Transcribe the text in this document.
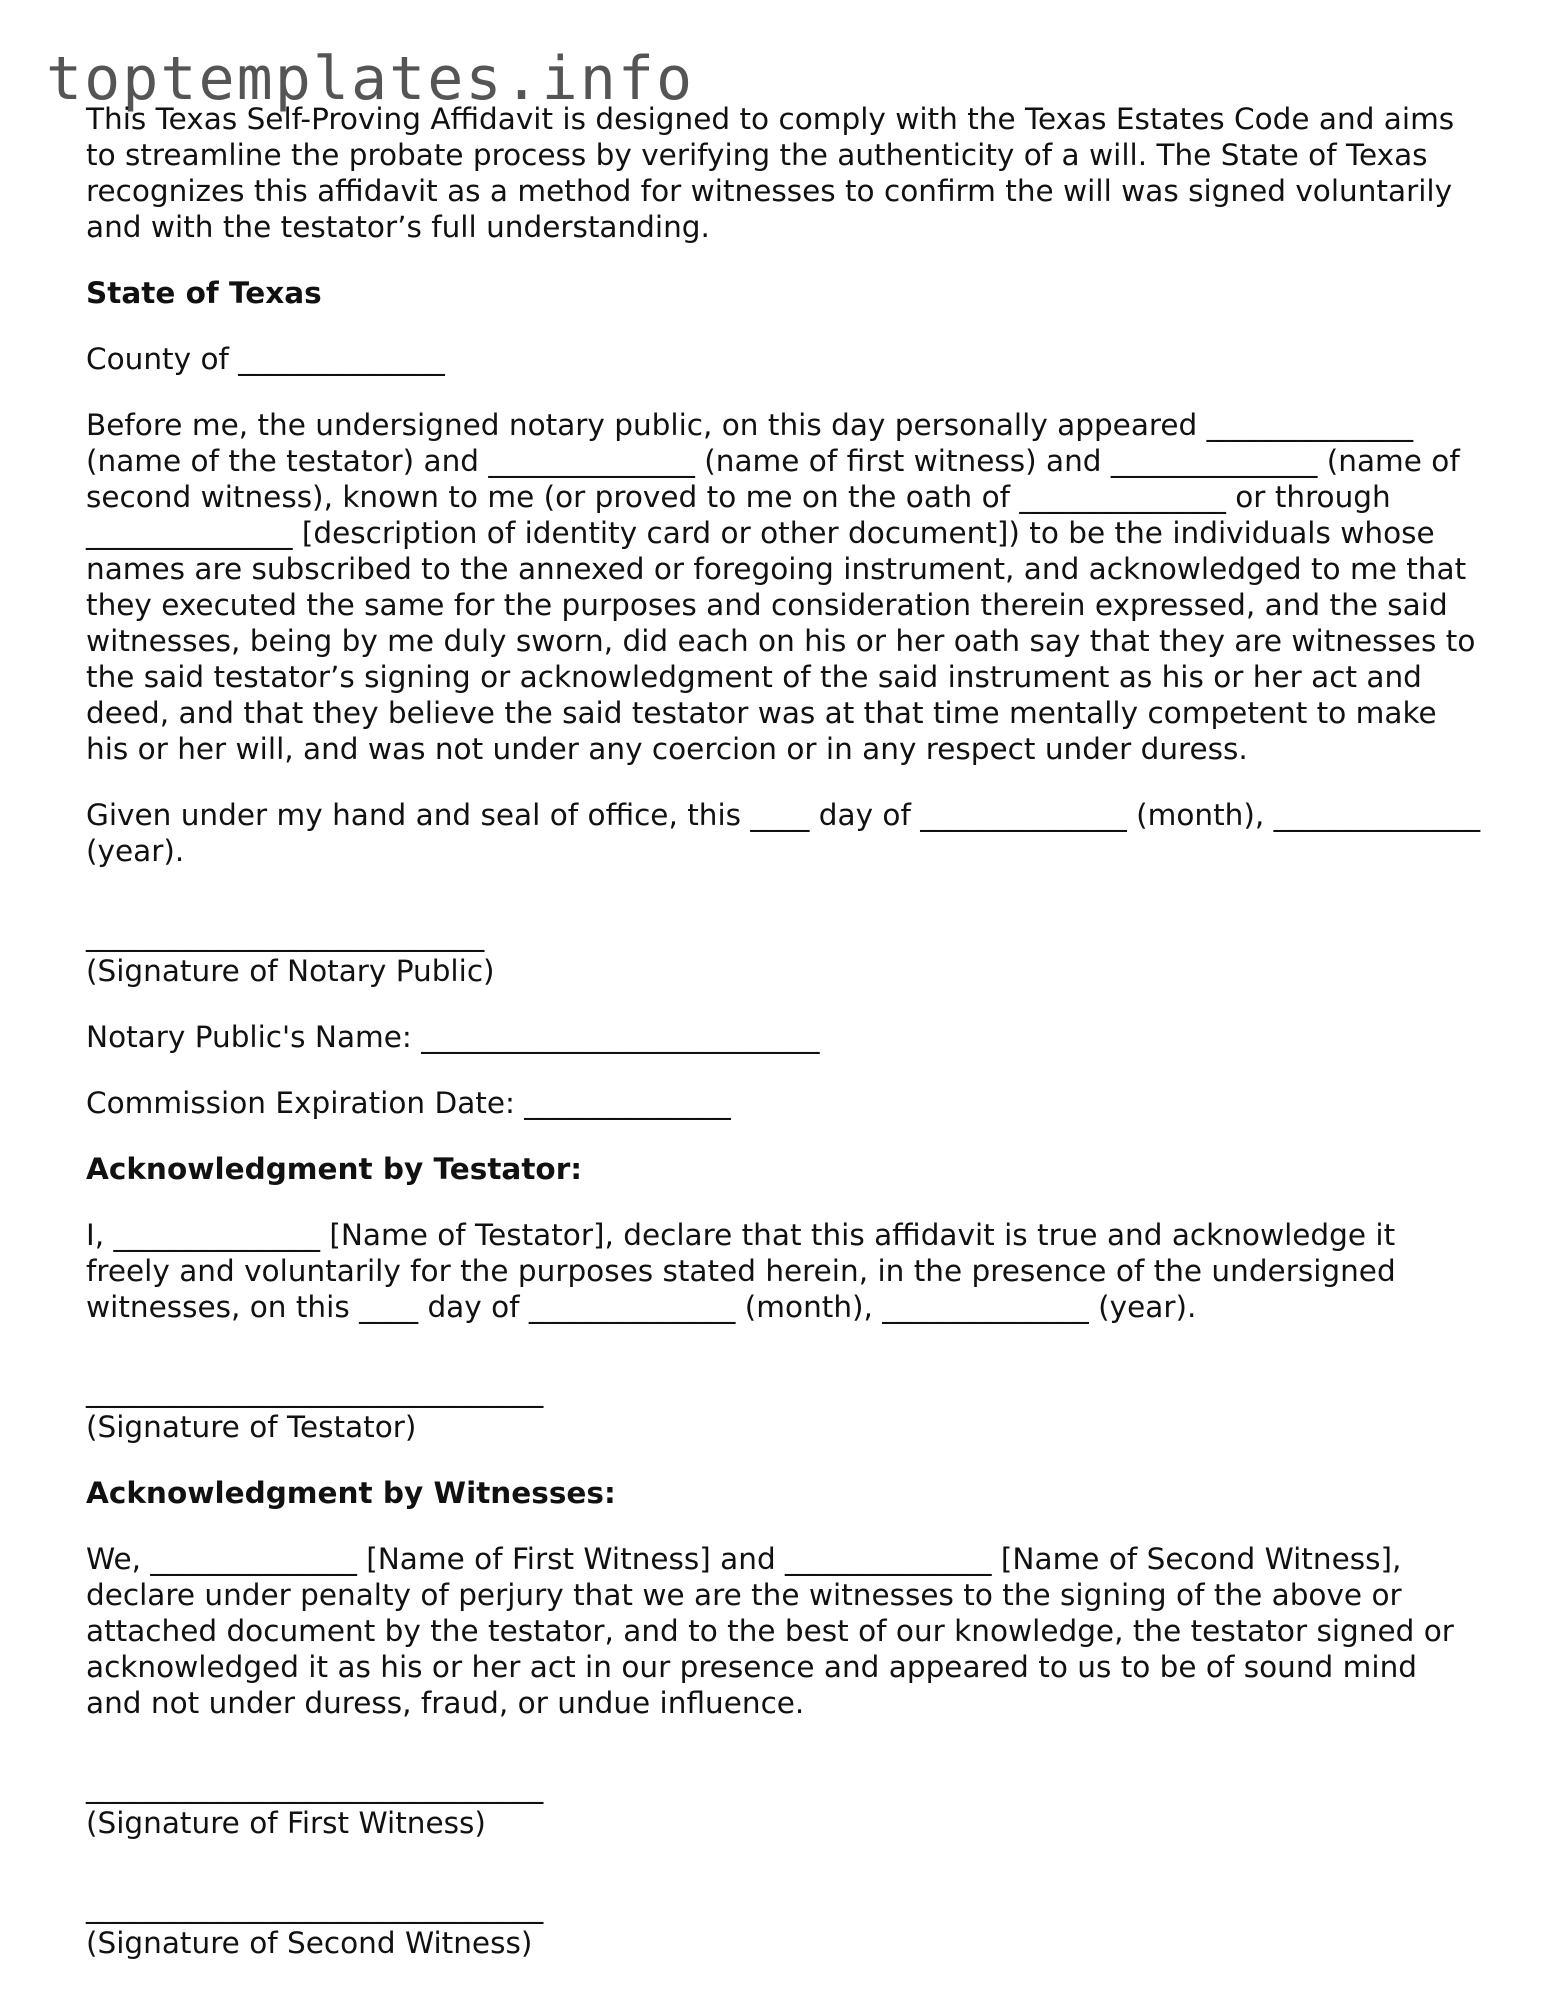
toptemplates.info

This Texas Self-Proving Affidavit is designed to comply with the Texas Estates Code and aims to streamline the probate process by verifying the authenticity of a will. The State of Texas recognizes this affidavit as a method for witnesses to confirm the will was signed voluntarily and with the testator’s full understanding.

State of Texas

County of ______________

Before me, the undersigned notary public, on this day personally appeared ______________ (name of the testator) and ______________ (name of first witness) and ______________ (name of second witness), known to me (or proved to me on the oath of ______________ or through ______________ [description of identity card or other document]) to be the individuals whose names are subscribed to the annexed or foregoing instrument, and acknowledged to me that they executed the same for the purposes and consideration therein expressed, and the said witnesses, being by me duly sworn, did each on his or her oath say that they are witnesses to the said testator’s signing or acknowledgment of the said instrument as his or her act and deed, and that they believe the said testator was at that time mentally competent to make his or her will, and was not under any coercion or in any respect under duress.

Given under my hand and seal of office, this ____ day of ______________ (month), ______________ (year).

___________________________

(Signature of Notary Public)

Notary Public's Name: ___________________________

Commission Expiration Date: ______________

Acknowledgment by Testator:

I, ______________ [Name of Testator], declare that this affidavit is true and acknowledge it freely and voluntarily for the purposes stated herein, in the presence of the undersigned witnesses, on this ____ day of ______________ (month), ______________ (year).

_______________________________

(Signature of Testator)

Acknowledgment by Witnesses:

We, ______________ [Name of First Witness] and ______________ [Name of Second Witness], declare under penalty of perjury that we are the witnesses to the signing of the above or attached document by the testator, and to the best of our knowledge, the testator signed or acknowledged it as his or her act in our presence and appeared to us to be of sound mind and not under duress, fraud, or undue influence.

_______________________________

(Signature of First Witness)

_______________________________

(Signature of Second Witness)
